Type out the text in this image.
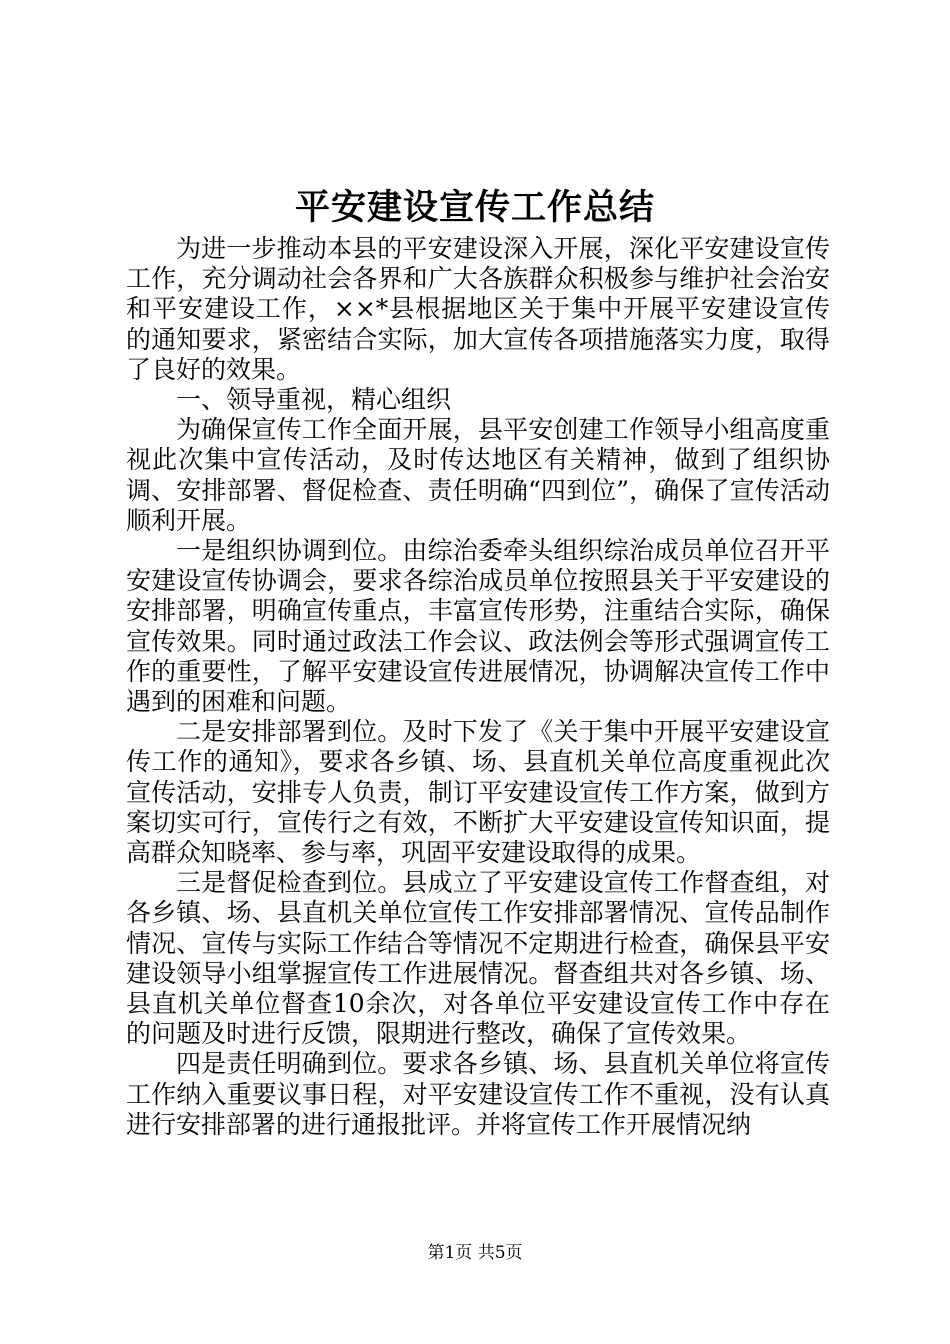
平安建设宣传工作总结

为进一步推动本县的平安建设深入开展，深化平安建设宣传工作，充分调动社会各界和广大各族群众积极参与维护社会治安和平安建设工作，××*县根据地区关于集中开展平安建设宣传的通知要求，紧密结合实际，加大宣传各项措施落实力度，取得了良好的效果。

一、领导重视，精心组织

为确保宣传工作全面开展，县平安创建工作领导小组高度重视此次集中宣传活动，及时传达地区有关精神，做到了组织协调、安排部署、督促检查、责任明确“四到位”，确保了宣传活动顺利开展。

一是组织协调到位。由综治委牵头组织综治成员单位召开平安建设宣传协调会，要求各综治成员单位按照县关于平安建设的安排部署，明确宣传重点，丰富宣传形势，注重结合实际，确保宣传效果。同时通过政法工作会议、政法例会等形式强调宣传工作的重要性，了解平安建设宣传进展情况，协调解决宣传工作中遇到的困难和问题。

二是安排部署到位。及时下发了《关于集中开展平安建设宣传工作的通知》，要求各乡镇、场、县直机关单位高度重视此次宣传活动，安排专人负责，制订平安建设宣传工作方案，做到方案切实可行，宣传行之有效，不断扩大平安建设宣传知识面，提高群众知晓率、参与率，巩固平安建设取得的成果。

三是督促检查到位。县成立了平安建设宣传工作督查组，对各乡镇、场、县直机关单位宣传工作安排部署情况、宣传品制作情况、宣传与实际工作结合等情况不定期进行检查，确保县平安建设领导小组掌握宣传工作进展情况。督查组共对各乡镇、场、县直机关单位督查10余次，对各单位平安建设宣传工作中存在的问题及时进行反馈，限期进行整改，确保了宣传效果。

四是责任明确到位。要求各乡镇、场、县直机关单位将宣传工作纳入重要议事日程，对平安建设宣传工作不重视，没有认真进行安排部署的进行通报批评。并将宣传工作开展情况纳

第1页 共5页
